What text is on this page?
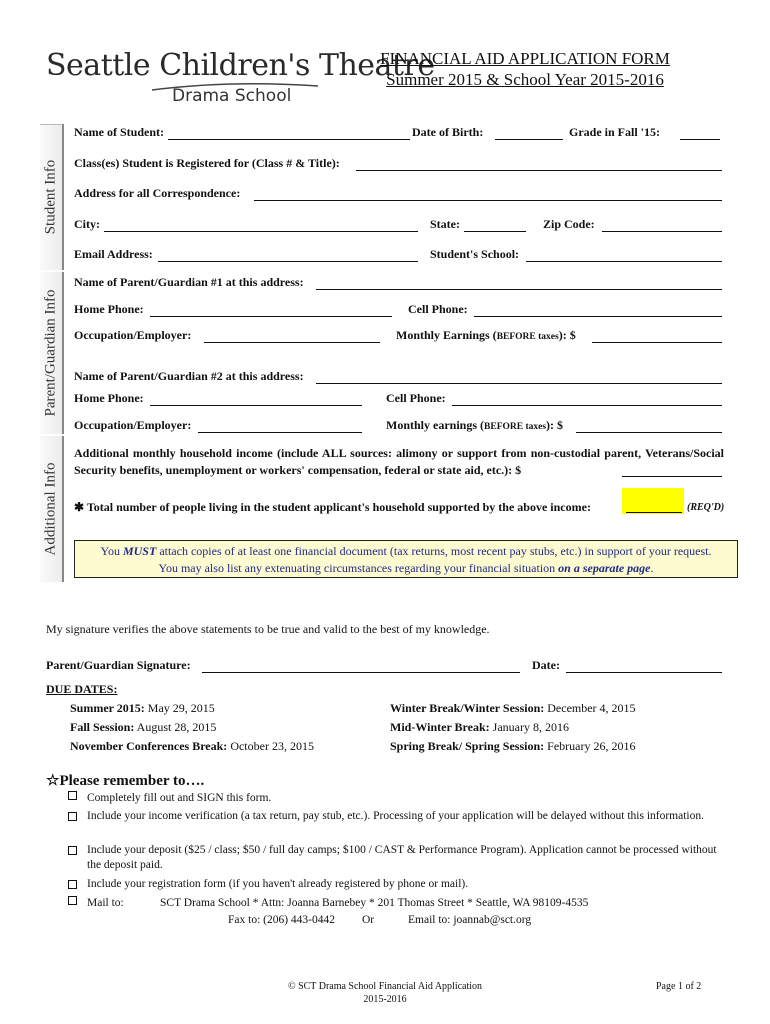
Seattle Children's Theatre
Drama School
FINANCIAL AID APPLICATION FORM
Summer 2015 & School Year 2015-2016
Student Info
Parent/Guardian Info
Additional Info
Name of Student:	Date of Birth:	Grade in Fall '15:
Class(es) Student is Registered for (Class # & Title):
Address for all Correspondence:
City:	State:	Zip Code:
Email Address:	Student's School:
Name of Parent/Guardian #1 at this address:
Home Phone:	Cell Phone:
Occupation/Employer:	Monthly Earnings (BEFORE taxes): $
Name of Parent/Guardian #2 at this address:
Home Phone:	Cell Phone:
Occupation/Employer:	Monthly earnings (BEFORE taxes): $
Additional monthly household income (include ALL sources: alimony or support from non-custodial parent, Veterans/Social Security benefits, unemployment or workers' compensation, federal or state aid, etc.): $
✱ Total number of people living in the student applicant's household supported by the above income:	(REQ'D)
You MUST attach copies of at least one financial document (tax returns, most recent pay stubs, etc.) in support of your request.
You may also list any extenuating circumstances regarding your financial situation on a separate page.
My signature verifies the above statements to be true and valid to the best of my knowledge.
Parent/Guardian Signature:	Date:
DUE DATES:
Summer 2015: May 29, 2015
Fall Session: August 28, 2015
November Conferences Break: October 23, 2015
Winter Break/Winter Session: December 4, 2015
Mid-Winter Break: January 8, 2016
Spring Break/ Spring Session: February 26, 2016
☆Please remember to….
Completely fill out and SIGN this form.
Include your income verification (a tax return, pay stub, etc.). Processing of your application will be delayed without this information.
Include your deposit ($25 / class; $50 / full day camps; $100 / CAST & Performance Program). Application cannot be processed without the deposit paid.
Include your registration form (if you haven't already registered by phone or mail).
Mail to:	SCT Drama School * Attn: Joanna Barnebey * 201 Thomas Street * Seattle, WA 98109-4535
Fax to: (206) 443-0442 Or	Email to: joannab@sct.org
© SCT Drama School Financial Aid Application
2015-2016
Page 1 of 2
